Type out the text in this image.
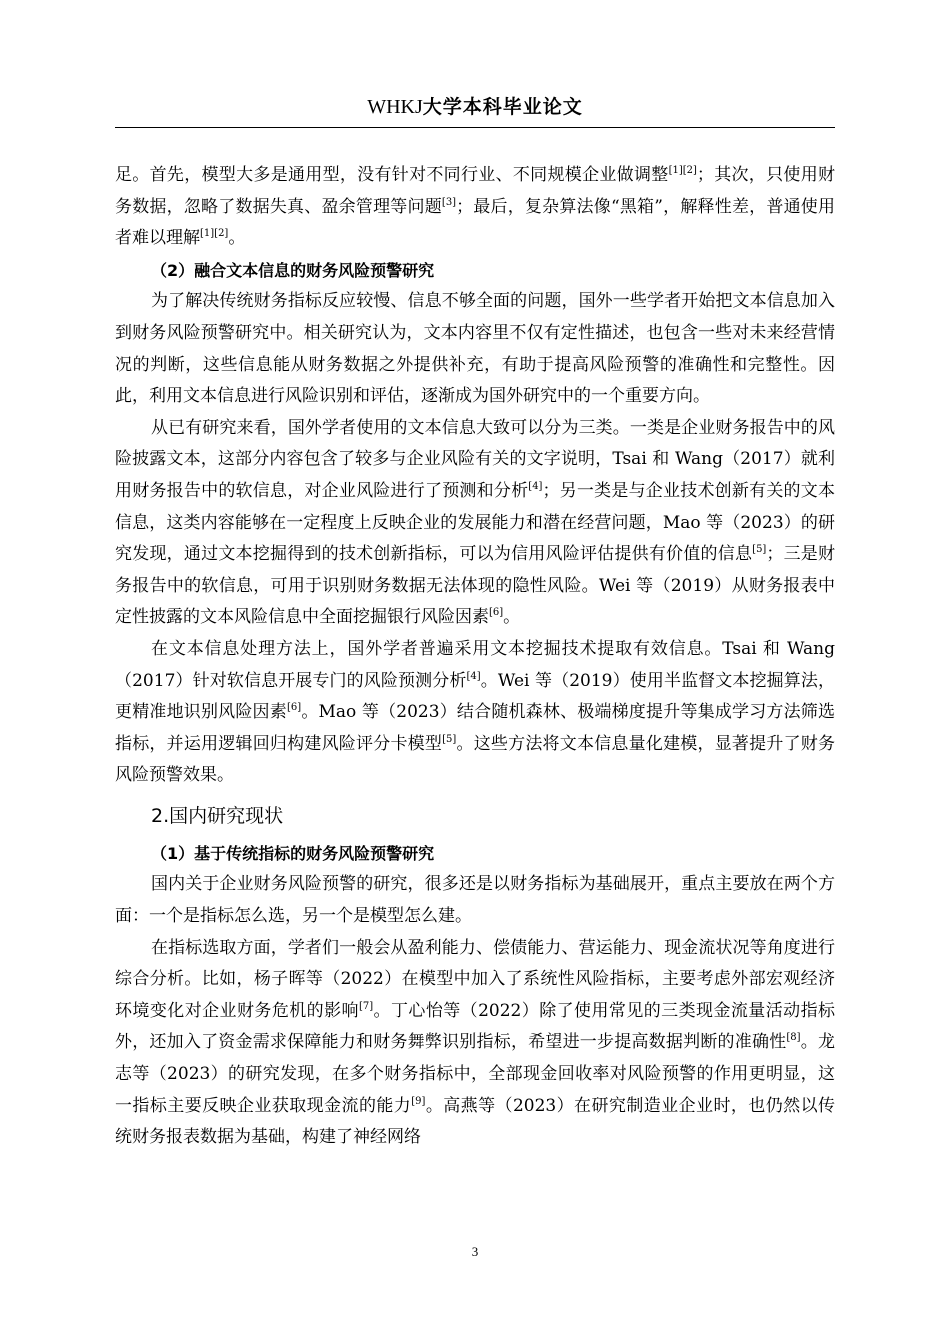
WHKJ大学本科毕业论文

足。首先，模型大多是通用型，没有针对不同行业、不同规模企业做调整[1][2]；其次，只使用财务数据，忽略了数据失真、盈余管理等问题[3]；最后，复杂算法像“黑箱”，解释性差，普通使用者难以理解[1][2]。

（2）融合文本信息的财务风险预警研究

为了解决传统财务指标反应较慢、信息不够全面的问题，国外一些学者开始把文本信息加入到财务风险预警研究中。相关研究认为，文本内容里不仅有定性描述，也包含一些对未来经营情况的判断，这些信息能从财务数据之外提供补充，有助于提高风险预警的准确性和完整性。因此，利用文本信息进行风险识别和评估，逐渐成为国外研究中的一个重要方向。

从已有研究来看，国外学者使用的文本信息大致可以分为三类。一类是企业财务报告中的风险披露文本，这部分内容包含了较多与企业风险有关的文字说明，Tsai 和 Wang（2017）就利用财务报告中的软信息，对企业风险进行了预测和分析[4]；另一类是与企业技术创新有关的文本信息，这类内容能够在一定程度上反映企业的发展能力和潜在经营问题，Mao 等（2023）的研究发现，通过文本挖掘得到的技术创新指标，可以为信用风险评估提供有价值的信息[5]；三是财务报告中的软信息，可用于识别财务数据无法体现的隐性风险。Wei 等（2019）从财务报表中定性披露的文本风险信息中全面挖掘银行风险因素[6]。

在文本信息处理方法上，国外学者普遍采用文本挖掘技术提取有效信息。Tsai 和 Wang（2017）针对软信息开展专门的风险预测分析[4]。Wei 等（2019）使用半监督文本挖掘算法，更精准地识别风险因素[6]。Mao 等（2023）结合随机森林、极端梯度提升等集成学习方法筛选指标，并运用逻辑回归构建风险评分卡模型[5]。这些方法将文本信息量化建模，显著提升了财务风险预警效果。

2.国内研究现状
（1）基于传统指标的财务风险预警研究

国内关于企业财务风险预警的研究，很多还是以财务指标为基础展开，重点主要放在两个方面：一个是指标怎么选，另一个是模型怎么建。

在指标选取方面，学者们一般会从盈利能力、偿债能力、营运能力、现金流状况等角度进行综合分析。比如，杨子晖等（2022）在模型中加入了系统性风险指标，主要考虑外部宏观经济环境变化对企业财务危机的影响[7]。丁心怡等（2022）除了使用常见的三类现金流量活动指标外，还加入了资金需求保障能力和财务舞弊识别指标，希望进一步提高数据判断的准确性[8]。龙志等（2023）的研究发现，在多个财务指标中，全部现金回收率对风险预警的作用更明显，这一指标主要反映企业获取现金流的能力[9]。高燕等（2023）在研究制造业企业时，也仍然以传统财务报表数据为基础，构建了神经网络

3
